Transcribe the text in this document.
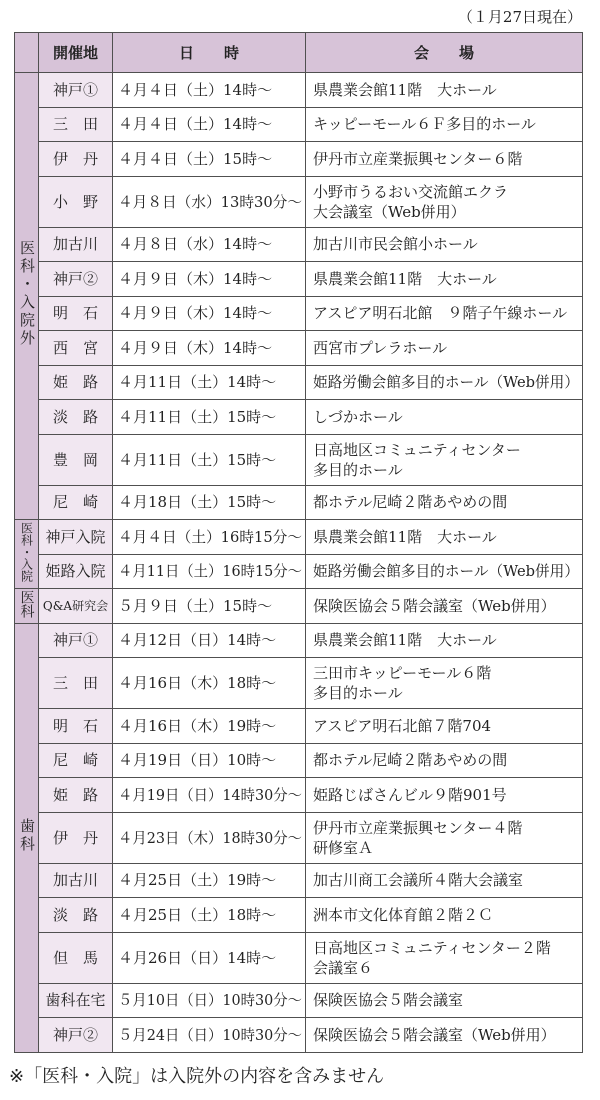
（１月27日現在）
	開催地	日　　時	会　　場
医科・入院外	神戸①	４月４日（土）14時～	県農業会館11階　大ホール

	三　田	４月４日（土）14時～	キッピーモール６Ｆ多目的ホール

	伊　丹	４月４日（土）15時～	伊丹市立産業振興センター６階

	小　野	４月８日（水）13時30分～	小野市うるおい交流館エクラ
大会議室（Web併用）

	加古川	４月８日（水）14時～	加古川市民会館小ホール

	神戸②	４月９日（木）14時～	県農業会館11階　大ホール

	明　石	４月９日（木）14時～	アスピア明石北館　９階子午線ホール

	西　宮	４月９日（木）14時～	西宮市プレラホール

	姫　路	４月11日（土）14時～	姫路労働会館多目的ホール（Web併用）

	淡　路	４月11日（土）15時～	しづかホール

	豊　岡	４月11日（土）15時～	日高地区コミュニティセンター
多目的ホール

	尼　崎	４月18日（土）15時～	都ホテル尼崎２階あやめの間

医科・入院	神戸入院	４月４日（土）16時15分～	県農業会館11階　大ホール

	姫路入院	４月11日（土）16時15分～	姫路労働会館多目的ホール（Web併用）

医科	Q&A研究会	５月９日（土）15時～	保険医協会５階会議室（Web併用）

歯科	神戸①	４月12日（日）14時～	県農業会館11階　大ホール

	三　田	４月16日（木）18時～	三田市キッピーモール６階
多目的ホール

	明　石	４月16日（木）19時～	アスピア明石北館７階704

	尼　崎	４月19日（日）10時～	都ホテル尼崎２階あやめの間

	姫　路	４月19日（日）14時30分～	姫路じばさんビル９階901号

	伊　丹	４月23日（木）18時30分～	伊丹市立産業振興センター４階
研修室Ａ

	加古川	４月25日（土）19時～	加古川商工会議所４階大会議室

	淡　路	４月25日（土）18時～	洲本市文化体育館２階２Ｃ

	但　馬	４月26日（日）14時～	日高地区コミュニティセンター２階
会議室６

	歯科在宅	５月10日（日）10時30分～	保険医協会５階会議室

	神戸②	５月24日（日）10時30分～	保険医協会５階会議室（Web併用）
※「医科・入院」は入院外の内容を含みません
